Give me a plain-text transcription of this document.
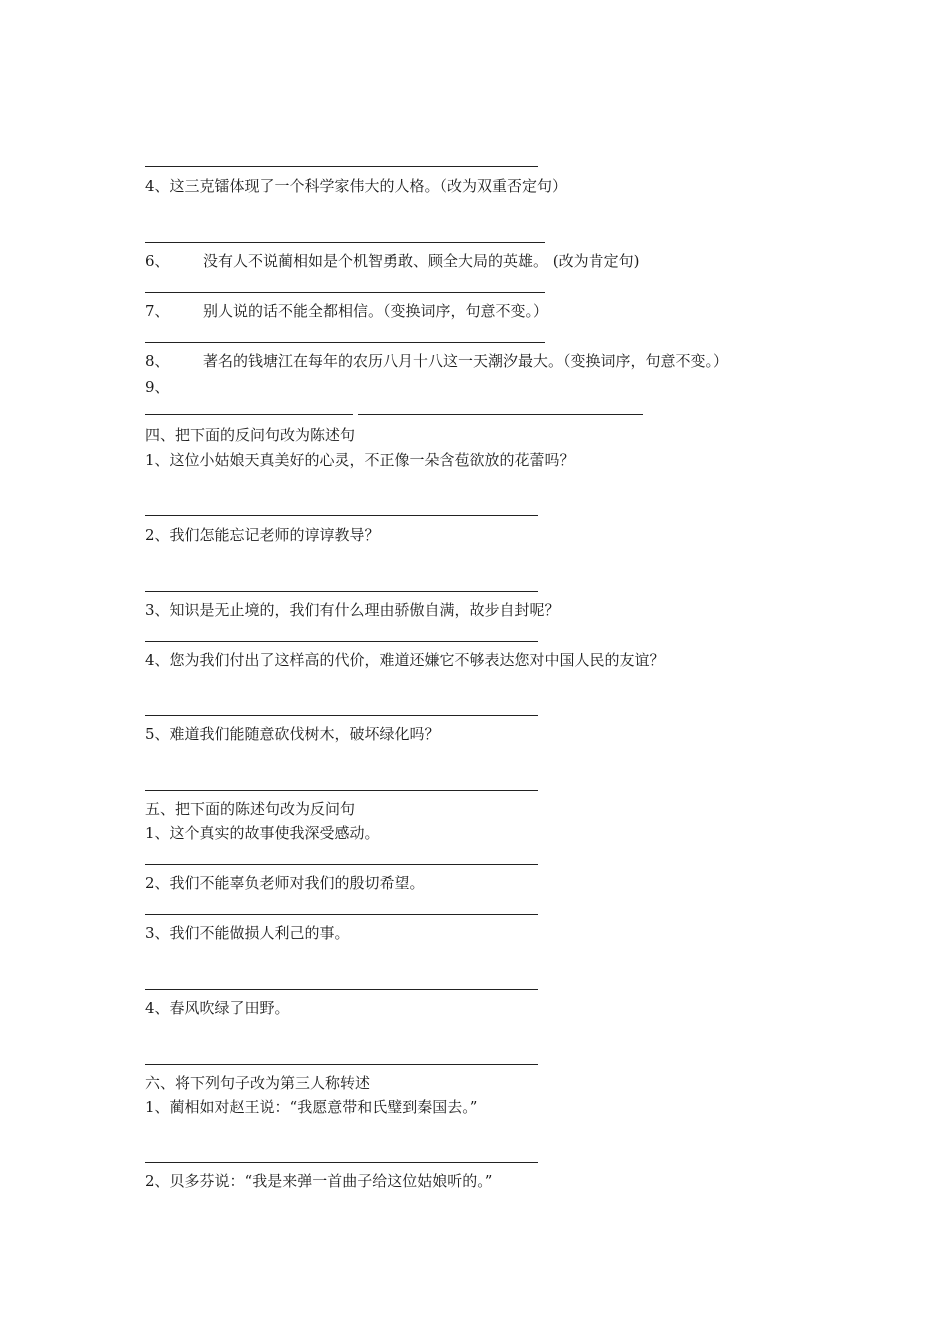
4、这三克镭体现了一个科学家伟大的人格。（改为双重否定句）
6、 没有人不说蔺相如是个机智勇敢、顾全大局的英雄。 (改为肯定句)
7、 别人说的话不能全都相信。（变换词序，句意不变。）
8、 著名的钱塘江在每年的农历八月十八这一天潮汐最大。（变换词序，句意不变。）
9、
四、把下面的反问句改为陈述句
1、这位小姑娘天真美好的心灵，不正像一朵含苞欲放的花蕾吗？
2、我们怎能忘记老师的谆谆教导？
3、知识是无止境的，我们有什么理由骄傲自满，故步自封呢？
4、您为我们付出了这样高的代价，难道还嫌它不够表达您对中国人民的友谊？
5、难道我们能随意砍伐树木，破坏绿化吗？
五、把下面的陈述句改为反问句
1、这个真实的故事使我深受感动。
2、我们不能辜负老师对我们的殷切希望。
3、我们不能做损人利己的事。
4、春风吹绿了田野。
六、将下列句子改为第三人称转述
1、蔺相如对赵王说：“我愿意带和氏璧到秦国去。”
2、贝多芬说：“我是来弹一首曲子给这位姑娘听的。”
